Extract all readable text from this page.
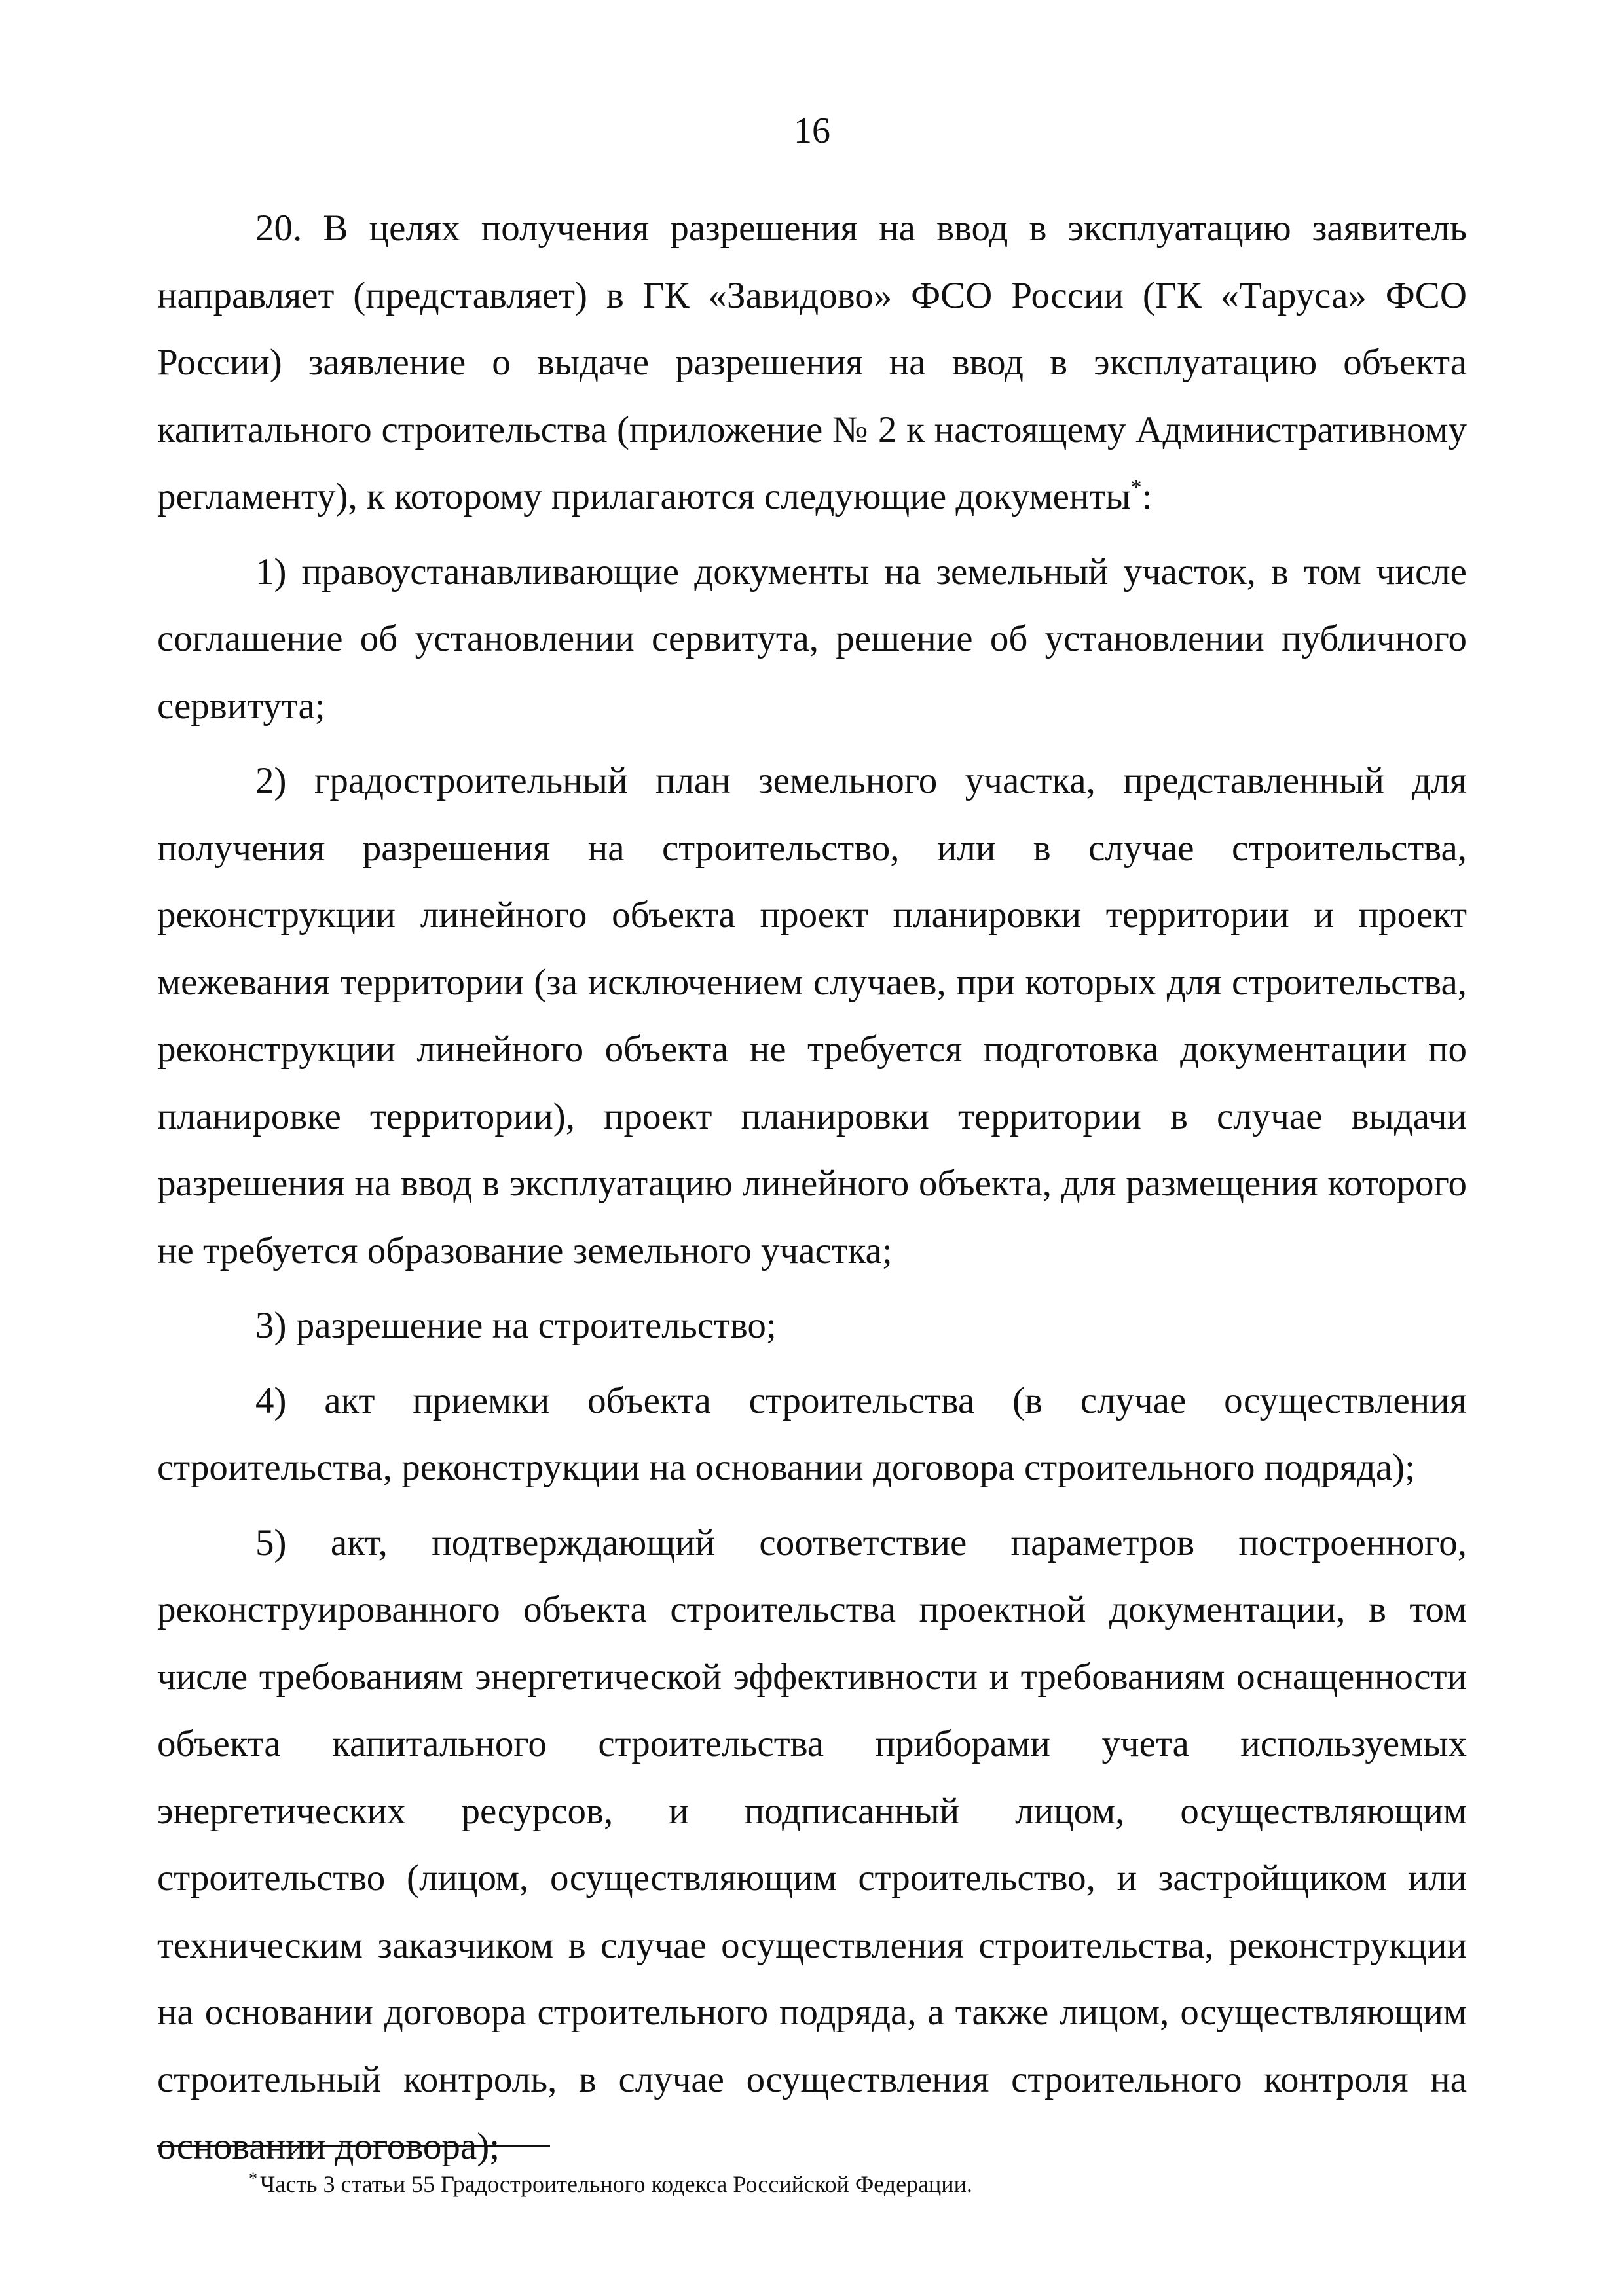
16

20. В целях получения разрешения на ввод в эксплуатацию заявитель направляет (представляет) в ГК «Завидово» ФСО России (ГК «Таруса» ФСО России) заявление о выдаче разрешения на ввод в эксплуатацию объекта капитального строительства (приложение № 2 к настоящему Административному регламенту), к которому прилагаются следующие документы*:

1) правоустанавливающие документы на земельный участок, в том числе соглашение об установлении сервитута, решение об установлении публичного сервитута;

2) градостроительный план земельного участка, представленный для получения разрешения на строительство, или в случае строительства, реконструкции линейного объекта проект планировки территории и проект межевания территории (за исключением случаев, при которых для строительства, реконструкции линейного объекта не требуется подготовка документации по планировке территории), проект планировки территории в случае выдачи разрешения на ввод в эксплуатацию линейного объекта, для размещения которого не требуется образование земельного участка;

3) разрешение на строительство;

4) акт приемки объекта строительства (в случае осуществления строительства, реконструкции на основании договора строительного подряда);

5) акт, подтверждающий соответствие параметров построенного, реконструированного объекта строительства проектной документации, в том числе требованиям энергетической эффективности и требованиям оснащенности объекта капитального строительства приборами учета используемых энергетических ресурсов, и подписанный лицом, осуществляющим строительство (лицом, осуществляющим строительство, и застройщиком или техническим заказчиком в случае осуществления строительства, реконструкции на основании договора строительного подряда, а также лицом, осуществляющим строительный контроль, в случае осуществления строительного контроля на основании договора);

* Часть 3 статьи 55 Градостроительного кодекса Российской Федерации.
